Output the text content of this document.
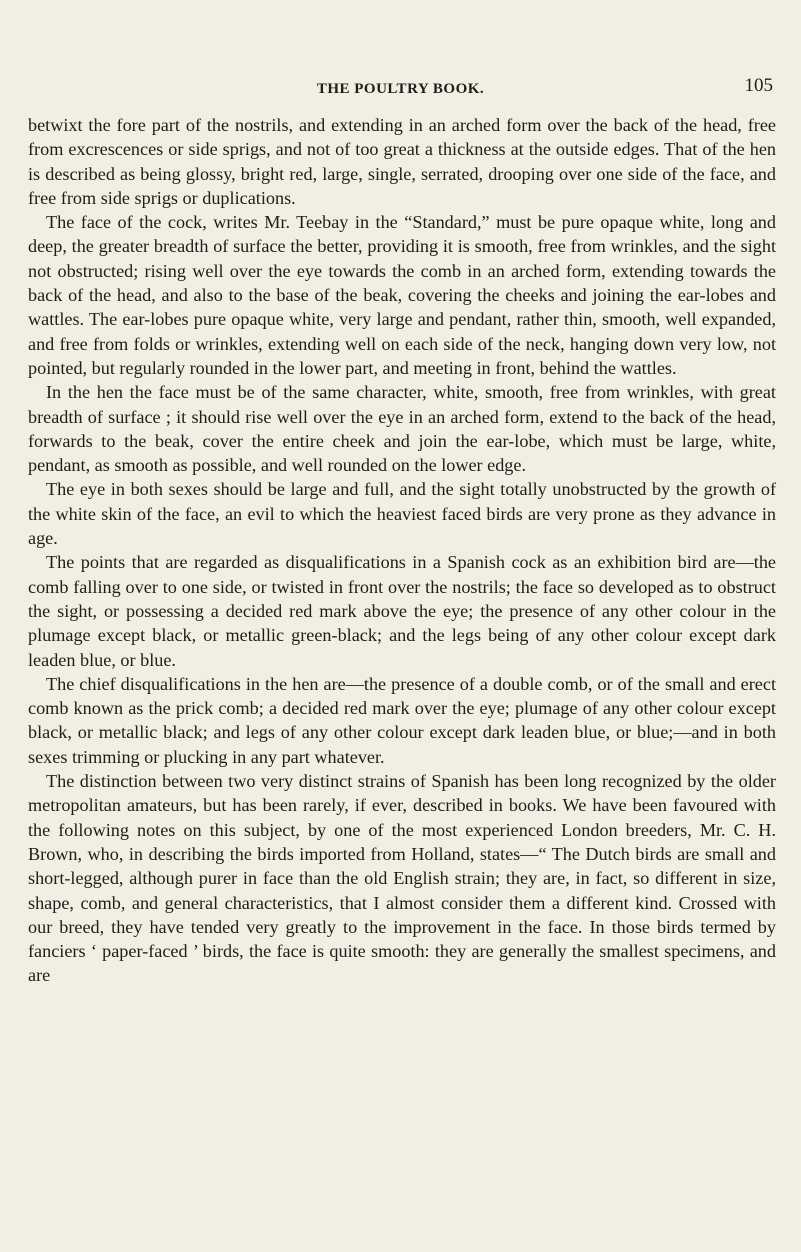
THE POULTRY BOOK.	105

betwixt the fore part of the nostrils, and extending in an arched form over the back of the head, free from excrescences or side sprigs, and not of too great a thickness at the outside edges. That of the hen is described as being glossy, bright red, large, single, serrated, drooping over one side of the face, and free from side sprigs or duplications.

The face of the cock, writes Mr. Teebay in the “Standard,” must be pure opaque white, long and deep, the greater breadth of surface the better, providing it is smooth, free from wrinkles, and the sight not obstructed; rising well over the eye towards the comb in an arched form, extending towards the back of the head, and also to the base of the beak, covering the cheeks and joining the ear-lobes and wattles. The ear-lobes pure opaque white, very large and pendant, rather thin, smooth, well expanded, and free from folds or wrinkles, extending well on each side of the neck, hanging down very low, not pointed, but regularly rounded in the lower part, and meeting in front, behind the wattles.

In the hen the face must be of the same character, white, smooth, free from wrinkles, with great breadth of surface ; it should rise well over the eye in an arched form, extend to the back of the head, forwards to the beak, cover the entire cheek and join the ear-lobe, which must be large, white, pendant, as smooth as possible, and well rounded on the lower edge.

The eye in both sexes should be large and full, and the sight totally unobstructed by the growth of the white skin of the face, an evil to which the heaviest faced birds are very prone as they advance in age.

The points that are regarded as disqualifications in a Spanish cock as an exhibition bird are—the comb falling over to one side, or twisted in front over the nostrils; the face so developed as to obstruct the sight, or possessing a decided red mark above the eye; the presence of any other colour in the plumage except black, or metallic green-black; and the legs being of any other colour except dark leaden blue, or blue.

The chief disqualifications in the hen are—the presence of a double comb, or of the small and erect comb known as the prick comb; a decided red mark over the eye; plumage of any other colour except black, or metallic black; and legs of any other colour except dark leaden blue, or blue;—and in both sexes trimming or plucking in any part whatever.

The distinction between two very distinct strains of Spanish has been long recognized by the older metropolitan amateurs, but has been rarely, if ever, described in books. We have been favoured with the following notes on this subject, by one of the most experienced London breeders, Mr. C. H. Brown, who, in describing the birds imported from Holland, states—“ The Dutch birds are small and short-legged, although purer in face than the old English strain; they are, in fact, so different in size, shape, comb, and general characteristics, that I almost consider them a different kind. Crossed with our breed, they have tended very greatly to the improvement in the face. In those birds termed by fanciers ‘ paper-faced ’ birds, the face is quite smooth: they are generally the smallest specimens, and are
